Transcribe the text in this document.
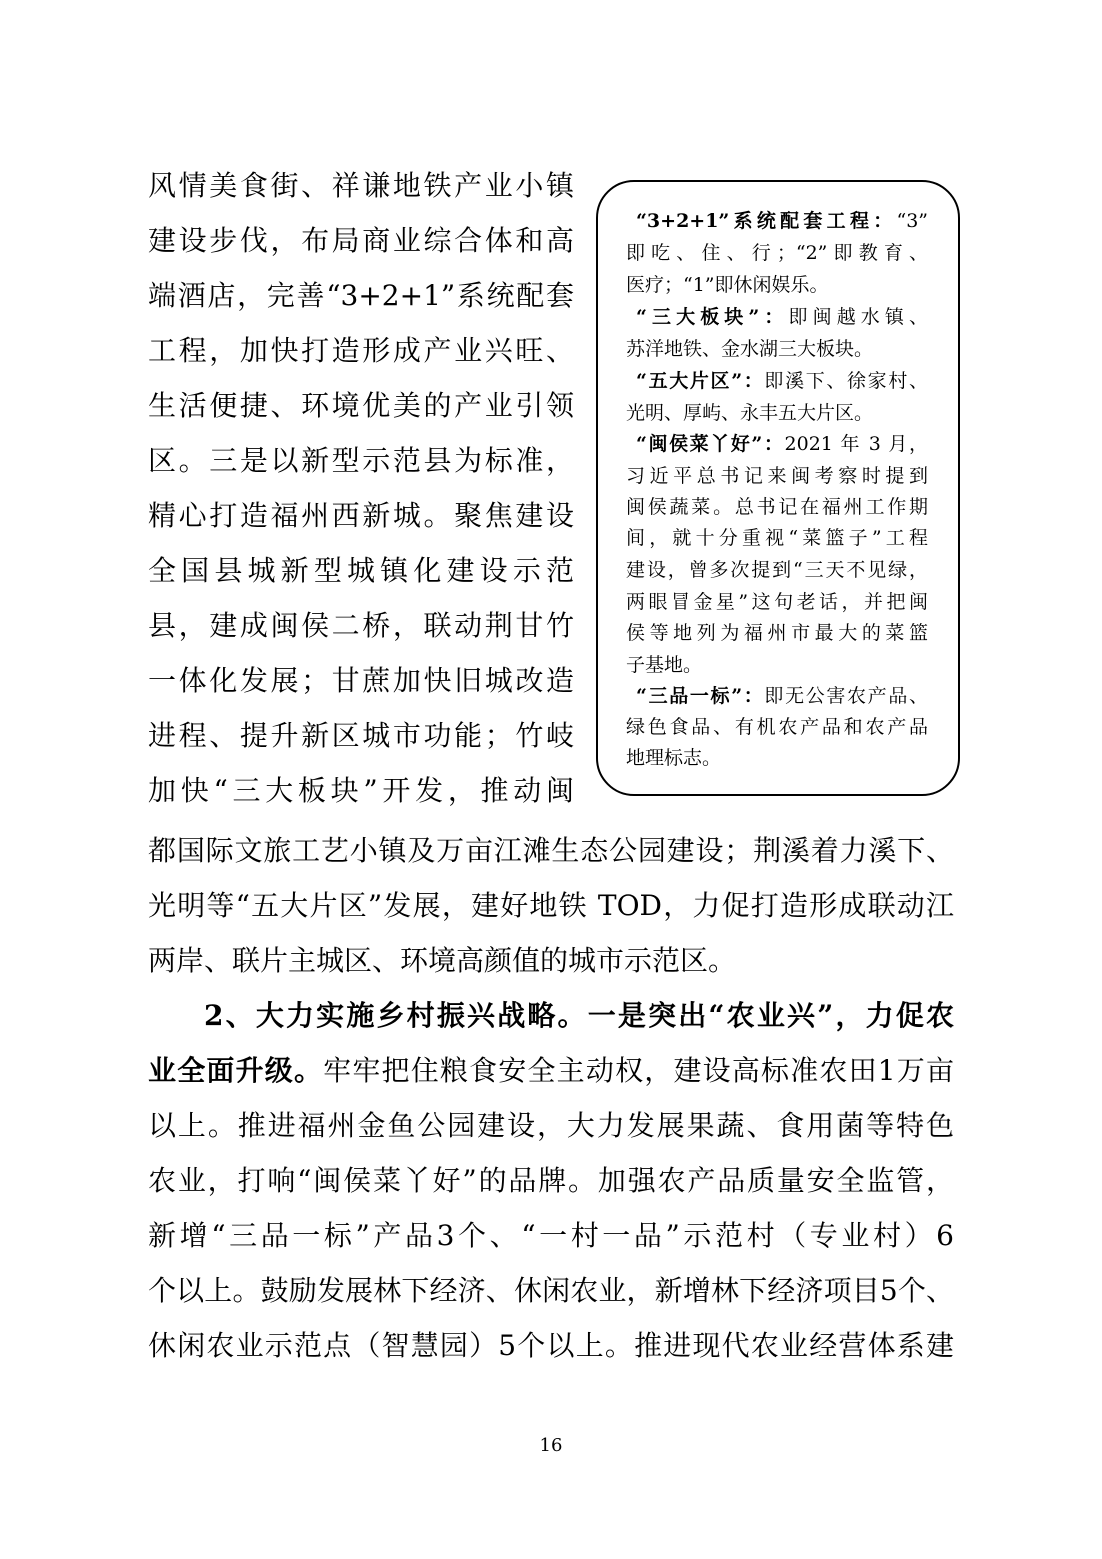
风情美食街、祥谦地铁产业小镇
建设步伐，布局商业综合体和高
端酒店，完善“3+2+1”系统配套
工程，加快打造形成产业兴旺、
生活便捷、环境优美的产业引领
区。三是以新型示范县为标准，
精心打造福州西新城。聚焦建设
全国县城新型城镇化建设示范
县，建成闽侯二桥，联动荆甘竹
一体化发展；甘蔗加快旧城改造
进程、提升新区城市功能；竹岐
加快“三大板块”开发，推动闽
“3+2+1”系统配套工程：“3”
即吃、住、行；“2”即教育、
医疗；“1”即休闲娱乐。
“三大板块”：即闽越水镇、
苏洋地铁、金水湖三大板块。
“五大片区”：即溪下、徐家村、
光明、厚屿、永丰五大片区。
“闽侯菜丫好”：2021 年 3 月，
习近平总书记来闽考察时提到
闽侯蔬菜。总书记在福州工作期
间，就十分重视“菜篮子”工程
建设，曾多次提到“三天不见绿，
两眼冒金星”这句老话，并把闽
侯等地列为福州市最大的菜篮
子基地。
“三品一标”：即无公害农产品、
绿色食品、有机农产品和农产品
地理标志。
都国际文旅工艺小镇及万亩江滩生态公园建设；荆溪着力溪下、
光明等“五大片区”发展，建好地铁 TOD，力促打造形成联动江
两岸、联片主城区、环境高颜值的城市示范区。
2、大力实施乡村振兴战略。一是突出“农业兴”，力促农
业全面升级。牢牢把住粮食安全主动权，建设高标准农田1万亩
以上。推进福州金鱼公园建设，大力发展果蔬、食用菌等特色
农业，打响“闽侯菜丫好”的品牌。加强农产品质量安全监管，
新增“三品一标”产品3个、“一村一品”示范村（专业村）6
个以上。鼓励发展林下经济、休闲农业，新增林下经济项目5个、
休闲农业示范点（智慧园）5个以上。推进现代农业经营体系建
16
